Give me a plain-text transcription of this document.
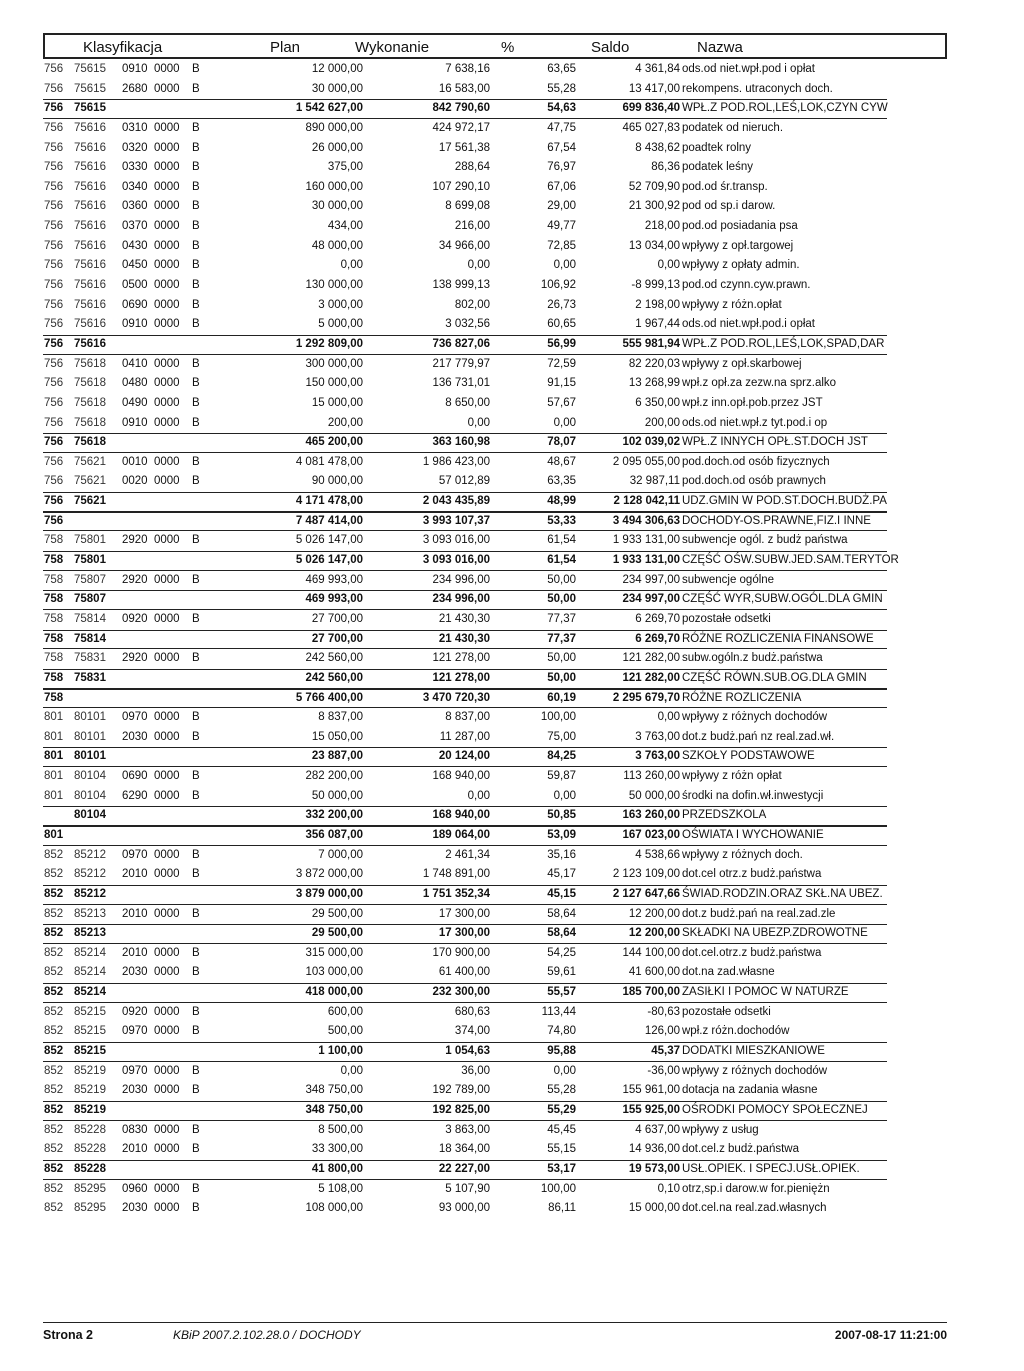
Klasyfikacja	Plan	Wykonanie	%	Saldo	Nazwa
756 75615	0910 0000	B	12 000,00	7 638,16	63,65	4 361,84 ods.od niet.wpł.pod i opłat
756 75615	2680 0000	B	30 000,00	16 583,00	55,28	13 417,00 rekompens. utraconych doch.
756 75615	1 542 627,00	842 790,60	54,63	699 836,40 WPŁ.Z POD.ROL,LEŚ,LOK,CZYN CYW
756 75616	0310 0000	B	890 000,00	424 972,17	47,75	465 027,83 podatek od nieruch.
756 75616	0320 0000	B	26 000,00	17 561,38	67,54	8 438,62 poadtek rolny
756 75616	0330 0000	B	375,00	288,64	76,97	86,36 podatek leśny
756 75616	0340 0000	B	160 000,00	107 290,10	67,06	52 709,90 pod.od śr.transp.
756 75616	0360 0000	B	30 000,00	8 699,08	29,00	21 300,92 pod od sp.i darow.
756 75616	0370 0000	B	434,00	216,00	49,77	218,00 pod.od posiadania psa
756 75616	0430 0000	B	48 000,00	34 966,00	72,85	13 034,00 wpływy z opł.targowej
756 75616	0450 0000	B	0,00	0,00	0,00	0,00 wpływy z opłaty admin.
756 75616	0500 0000	B	130 000,00	138 999,13	106,92	-8 999,13 pod.od czynn.cyw.prawn.
756 75616	0690 0000	B	3 000,00	802,00	26,73	2 198,00 wpływy z różn.opłat
756 75616	0910 0000	B	5 000,00	3 032,56	60,65	1 967,44 ods.od niet.wpł.pod.i opłat
756 75616	1 292 809,00	736 827,06	56,99	555 981,94 WPŁ.Z POD.ROL,LEŚ,LOK,SPAD,DAR
756 75618	0410 0000	B	300 000,00	217 779,97	72,59	82 220,03 wpływy z opł.skarbowej
756 75618	0480 0000	B	150 000,00	136 731,01	91,15	13 268,99 wpł.z opł.za zezw.na sprz.alko
756 75618	0490 0000	B	15 000,00	8 650,00	57,67	6 350,00 wpł.z inn.opł.pob.przez JST
756 75618	0910 0000	B	200,00	0,00	0,00	200,00 ods.od niet.wpł.z tyt.pod.i op
756 75618	465 200,00	363 160,98	78,07	102 039,02 WPŁ.Z INNYCH OPŁ.ST.DOCH JST
756 75621	0010 0000	B	4 081 478,00	1 986 423,00	48,67	2 095 055,00 pod.doch.od osób fizycznych
756 75621	0020 0000	B	90 000,00	57 012,89	63,35	32 987,11 pod.doch.od osób prawnych
756 75621	4 171 478,00	2 043 435,89	48,99	2 128 042,11 UDZ.GMIN W POD.ST.DOCH.BUDŻ.PA
756	7 487 414,00	3 993 107,37	53,33	3 494 306,63 DOCHODY-OS.PRAWNE,FIZ.I INNE
758 75801	2920 0000	B	5 026 147,00	3 093 016,00	61,54	1 933 131,00 subwencje ogól. z budż państwa
758 75801	5 026 147,00	3 093 016,00	61,54	1 933 131,00 CZĘŚĆ OŚW.SUBW.JED.SAM.TERYTOR
758 75807	2920 0000	B	469 993,00	234 996,00	50,00	234 997,00 subwencje ogólne
758 75807	469 993,00	234 996,00	50,00	234 997,00 CZĘŚĆ WYR,SUBW.OGÓL.DLA GMIN
758 75814	0920 0000	B	27 700,00	21 430,30	77,37	6 269,70 pozostałe odsetki
758 75814	27 700,00	21 430,30	77,37	6 269,70 RÓŻNE ROZLICZENIA FINANSOWE
758 75831	2920 0000	B	242 560,00	121 278,00	50,00	121 282,00 subw.ogóln.z budż.państwa
758 75831	242 560,00	121 278,00	50,00	121 282,00 CZĘŚĆ RÓWN.SUB.OG.DLA GMIN
758	5 766 400,00	3 470 720,30	60,19	2 295 679,70 RÓŻNE ROZLICZENIA
801 80101	0970 0000	B	8 837,00	8 837,00	100,00	0,00 wpływy z różnych dochodów
801 80101	2030 0000	B	15 050,00	11 287,00	75,00	3 763,00 dot.z budż.pań nz real.zad.wł.
801 80101	23 887,00	20 124,00	84,25	3 763,00 SZKOŁY PODSTAWOWE
801 80104	0690 0000	B	282 200,00	168 940,00	59,87	113 260,00 wpływy z różn opłat
801 80104	6290 0000	B	50 000,00	0,00	0,00	50 000,00 środki na dofin.wł.inwestycji
80104	332 200,00	168 940,00	50,85	163 260,00 PRZEDSZKOLA
801	356 087,00	189 064,00	53,09	167 023,00 OŚWIATA I WYCHOWANIE
852 85212	0970 0000	B	7 000,00	2 461,34	35,16	4 538,66 wpływy z różnych doch.
852 85212	2010 0000	B	3 872 000,00	1 748 891,00	45,17	2 123 109,00 dot.cel otrz.z budż.państwa
852 85212	3 879 000,00	1 751 352,34	45,15	2 127 647,66 ŚWIAD.RODZIN.ORAZ SKŁ.NA UBEZ.
852 85213	2010 0000	B	29 500,00	17 300,00	58,64	12 200,00 dot.z budż.pań na real.zad.zle
852 85213	29 500,00	17 300,00	58,64	12 200,00 SKŁADKI NA UBEZP.ZDROWOTNE
852 85214	2010 0000	B	315 000,00	170 900,00	54,25	144 100,00 dot.cel.otrz.z budż.państwa
852 85214	2030 0000	B	103 000,00	61 400,00	59,61	41 600,00 dot.na zad.własne
852 85214	418 000,00	232 300,00	55,57	185 700,00 ZASIŁKI I POMOC W NATURZE
852 85215	0920 0000	B	600,00	680,63	113,44	-80,63 pozostałe odsetki
852 85215	0970 0000	B	500,00	374,00	74,80	126,00 wpł.z różn.dochodów
852 85215	1 100,00	1 054,63	95,88	45,37 DODATKI MIESZKANIOWE
852 85219	0970 0000	B	0,00	36,00	0,00	-36,00 wpływy z różnych dochodów
852 85219	2030 0000	B	348 750,00	192 789,00	55,28	155 961,00 dotacja na zadania własne
852 85219	348 750,00	192 825,00	55,29	155 925,00 OŚRODKI POMOCY SPOŁECZNEJ
852 85228	0830 0000	B	8 500,00	3 863,00	45,45	4 637,00 wpływy z usług
852 85228	2010 0000	B	33 300,00	18 364,00	55,15	14 936,00 dot.cel.z budż.państwa
852 85228	41 800,00	22 227,00	53,17	19 573,00 USŁ.OPIEK. I SPECJ.USŁ.OPIEK.
852 85295	0960 0000	B	5 108,00	5 107,90	100,00	0,10 otrz,sp.i darow.w for.pieniężn
852 85295	2030 0000	B	108 000,00	93 000,00	86,11	15 000,00 dot.cel.na real.zad.własnych
Strona 2	KBiP 2007.2.102.28.0 / DOCHODY	2007-08-17 11:21:00
